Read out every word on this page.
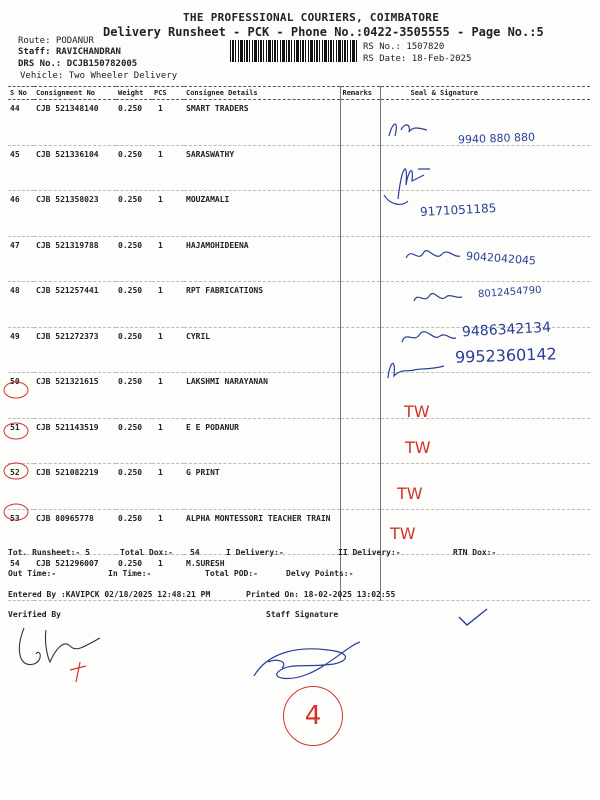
THE PROFESSIONAL COURIERS, COIMBATORE
Delivery Runsheet - PCK - Phone No.:0422-3505555 - Page No.:5
Route: PODANUR
Staff: RAVICHANDRAN
DRS No.: DCJB150782005
Vehicle: Two Wheeler Delivery
RS No.: 1507820
RS Date: 18-Feb-2025
S No	Consignment No	Weight	PCS	Consignee Details	Remarks	Seal & Signature
44	CJB 521348140	0.250	1	SMART TRADERS		
45	CJB 521336104	0.250	1	SARASWATHY		
46	CJB 521358023	0.250	1	MOUZAMALI		
47	CJB 521319788	0.250	1	HAJAMOHIDEENA		
48	CJB 521257441	0.250	1	RPT FABRICATIONS		
49	CJB 521272373	0.250	1	CYRIL		
50	CJB 521321615	0.250	1	LAKSHMI NARAYANAN		
51	CJB 521143519	0.250	1	E E PODANUR		
52	CJB 521082219	0.250	1	G PRINT		
53	CJB 80965778	0.250	1	ALPHA MONTESSORI TEACHER TRAIN		
54	CJB 521296007	0.250	1	M.SURESH		
9940 880 880
9171051185
9042042045
8012454790
9486342134
9952360142
TW
TW
TW
TW
Tot. Runsheet:- 5	Total Dox:- 54	I Delivery:-	II Delivery:-	RTN Dox:-
Out Time:-	In Time:-	Total POD:-	Delvy Points:-
Entered By :KAVIPCK 02/18/2025 12:48:21 PM	Printed On: 18-02-2025 13:02:55
Verified By	Staff Signature
4
